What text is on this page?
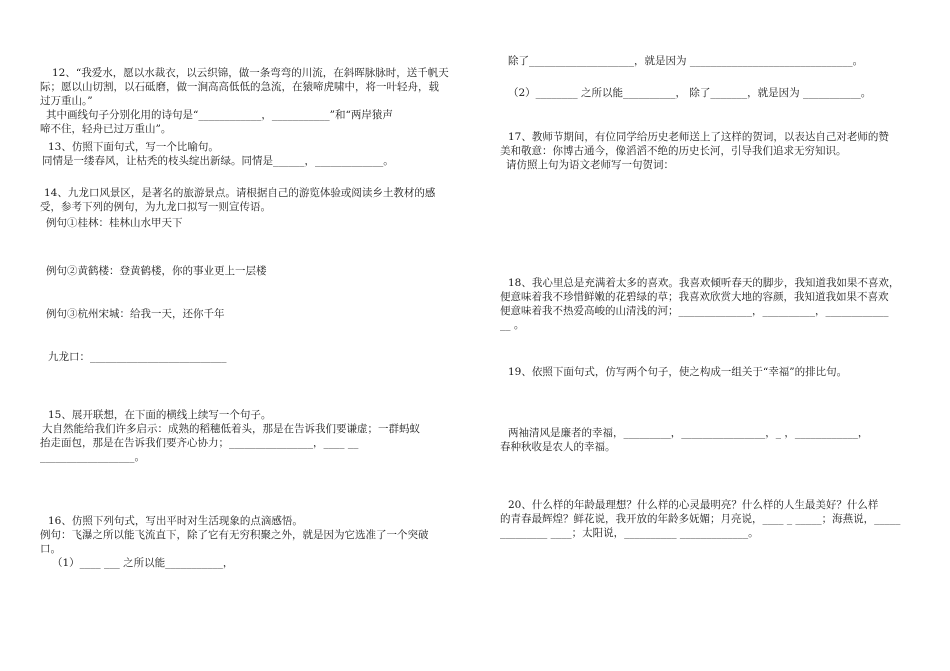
12、“我爱水，愿以水裁衣，以云织锦，做一条弯弯的川流，在斜晖脉脉时，送千帆天
际；愿以山切割，以石砥磨，做一涧高高低低的急流，在猿啼虎啸中，将一叶轻舟，载
过万重山。”
其中画线句子分别化用的诗句是“____________，___________”和“两岸猿声
啼不住，轻舟已过万重山”。
13、仿照下面句式，写一个比喻句。
同情是一缕春风，让枯秃的枝头绽出新绿。同情是______，_____________。
14、九龙口风景区，是著名的旅游景点。请根据自己的游览体验或阅读乡土教材的感
受，参考下列的例句，为九龙口拟写一则宣传语。
例句①桂林：桂林山水甲天下
例句②黄鹤楼：登黄鹤楼，你的事业更上一层楼
例句③杭州宋城：给我一天，还你千年
九龙口：__________________________
15、展开联想，在下面的横线上续写一个句子。
大自然能给我们许多启示：成熟的稻穗低着头，那是在告诉我们要谦虚；一群蚂蚁
抬走面包，那是在告诉我们要齐心协力；________________，____ __
__________________。
16、仿照下列句式，写出平时对生活现象的点滴感悟。
例句：飞瀑之所以能飞流直下，除了它有无穷积聚之外，就是因为它选准了一个突破
口。
（1）____ ___ 之所以能___________，
除了____________________，就是因为 _______________________________。
（2）________ 之所以能__________， 除了_______，就是因为 ___________。
17、教师节期间，有位同学给历史老师送上了这样的贺词，以表达自己对老师的赞
美和敬意：你博古通今，像滔滔不绝的历史长河，引导我们追求无穷知识。
请仿照上句为语文老师写一句贺词：
18、我心里总是充满着太多的喜欢。我喜欢倾听春天的脚步，我知道我如果不喜欢，
便意味着我不珍惜鲜嫩的花碧绿的草；我喜欢欣赏大地的容颜，我知道我如果不喜欢
便意味着我不热爱高峻的山清浅的河；______________，__________，____________
__ 。
19、依照下面句式，仿写两个句子，使之构成一组关于“幸福”的排比句。
两袖清风是廉者的幸福，_________，________________，_ ，____________，
春种秋收是农人的幸福。
20、什么样的年龄最理想？什么样的心灵最明亮？什么样的人生最美好？什么样
的青春最辉煌？鲜花说，我开放的年龄多妩媚；月亮说，____ _ _____；海燕说，_____
_________ ____；太阳说，__________ _____________。
